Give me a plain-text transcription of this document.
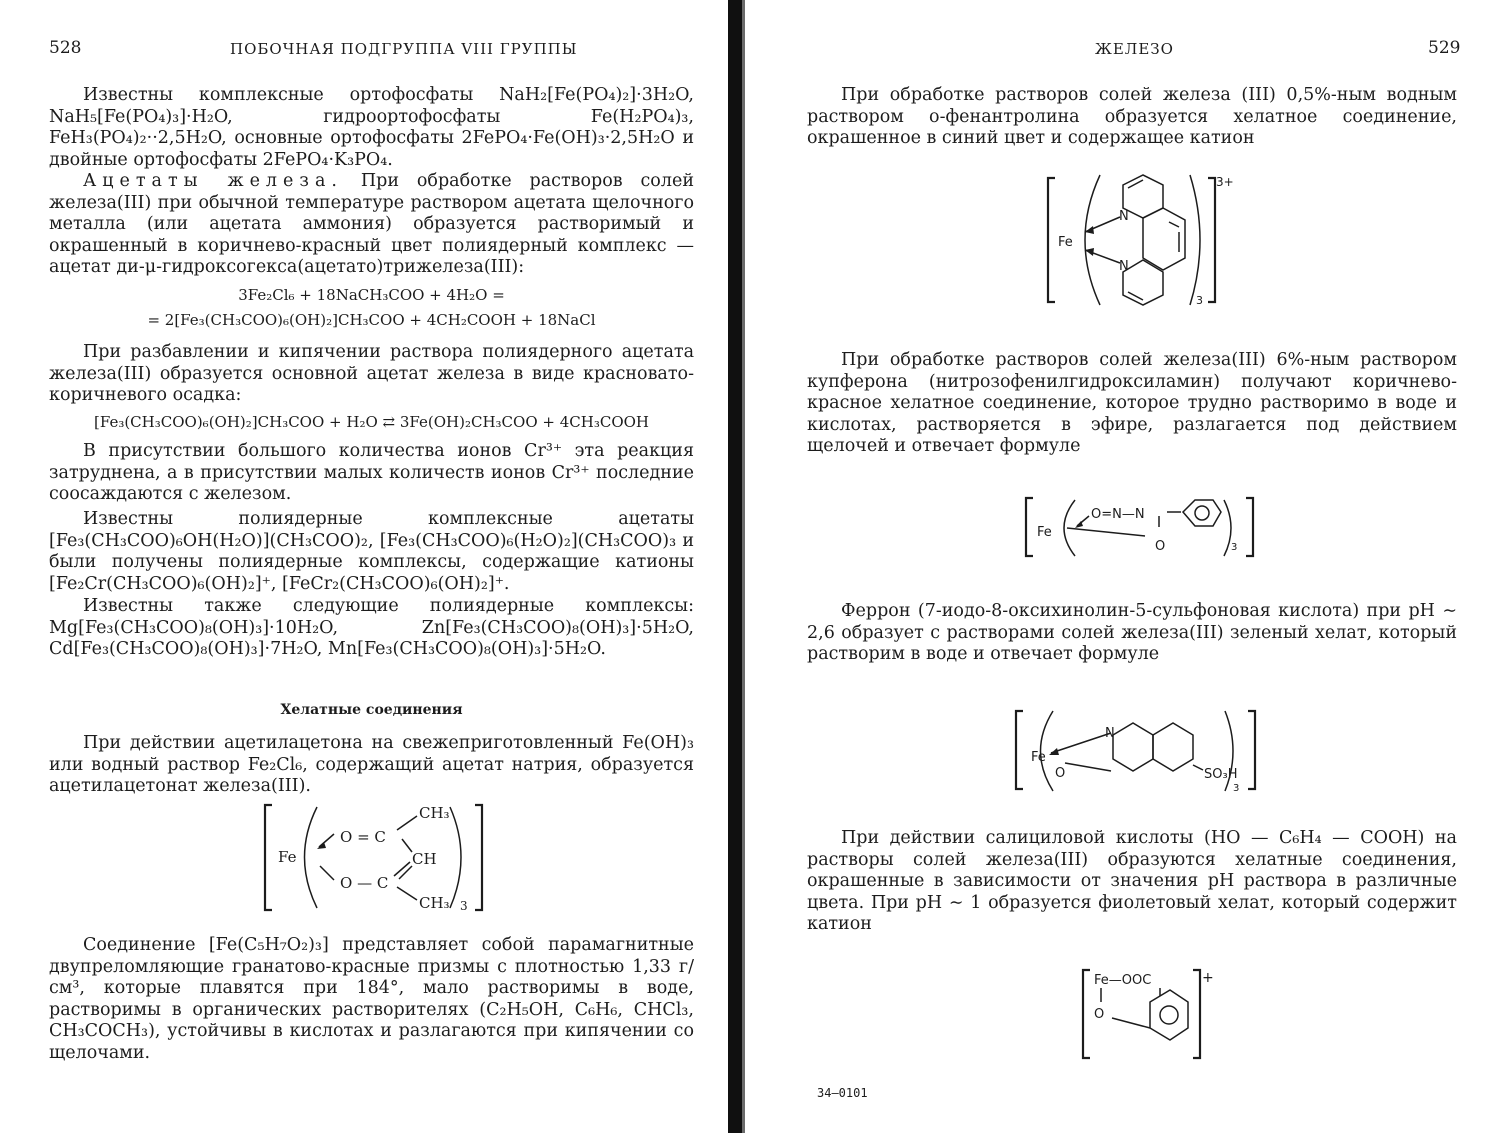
528	ПОБОЧНАЯ ПОДГРУППА VIII ГРУППЫ

Известны комплексные ортофосфаты NaH₂[Fe(PO₄)₂]·3H₂O, NaH₅[Fe(PO₄)₃]·H₂O, гидроортофосфаты Fe(H₂PO₄)₃, FeH₃(PO₄)₂··2,5H₂O, основные ортофосфаты 2FePO₄·Fe(OH)₃·2,5H₂O и двойные ортофосфаты 2FePO₄·K₃PO₄.

Ацетаты железа. При обработке растворов солей железа(III) при обычной температуре раствором ацетата щелочного металла (или ацетата аммония) образуется растворимый и окрашенный в коричнево-красный цвет полиядерный комплекс — ацетат ди-μ-гидроксогекса(ацетато)трижелеза(III):

3Fe₂Cl₆ + 18NaCH₃COO + 4H₂O =
= 2[Fe₃(CH₃COO)₆(OH)₂]CH₃COO + 4CH₂COOH + 18NaCl

При разбавлении и кипячении раствора полиядерного ацетата железа(III) образуется основной ацетат железа в виде красновато-коричневого осадка:

[Fe₃(CH₃COO)₆(OH)₂]CH₃COO + H₂O ⇄ 3Fe(OH)₂CH₃COO + 4CH₃COOH

В присутствии большого количества ионов Cr³⁺ эта реакция затруднена, а в присутствии малых количеств ионов Cr³⁺ последние соосаждаются с железом.

Известны полиядерные комплексные ацетаты [Fe₃(CH₃COO)₆OH(H₂O)](CH₃COO)₂, [Fe₃(CH₃COO)₆(H₂O)₂](CH₃COO)₃ и были получены полиядерные комплексы, содержащие катионы [Fe₂Cr(CH₃COO)₆(OH)₂]⁺, [FeCr₂(CH₃COO)₆(OH)₂]⁺.

Известны также следующие полиядерные комплексы: Mg[Fe₃(CH₃COO)₈(OH)₃]·10H₂O, Zn[Fe₃(CH₃COO)₈(OH)₃]·5H₂O, Cd[Fe₃(CH₃COO)₈(OH)₃]·7H₂O, Mn[Fe₃(CH₃COO)₈(OH)₃]·5H₂O.

Хелатные соединения

При действии ацетилацетона на свежеприготовленный Fe(OH)₃ или водный раствор Fe₂Cl₆, содержащий ацетат натрия, образуется ацетилацетонат железа(III).

Fe
O = C
O — C
CH₃
CH
CH₃ 3

Соединение [Fe(C₅H₇O₂)₃] представляет собой парамагнитные двупреломляющие гранатово-красные призмы с плотностью 1,33 г/см³, которые плавятся при 184°, мало растворимы в воде, растворимы в органических растворителях (C₂H₅OH, C₆H₆, CHCl₃, CH₃COCH₃), устойчивы в кислотах и разлагаются при кипячении со щелочами.

ЖЕЛЕЗО	529

При обработке растворов солей железа (III) 0,5%-ным водным раствором o-фенантролина образуется хелатное соединение, окрашенное в синий цвет и содержащее катион

Fe
N
N
3+
3

При обработке растворов солей железа(III) 6%-ным раствором купферона (нитрозофенилгидроксиламин) получают коричнево-красное хелатное соединение, которое трудно растворимо в воде и кислотах, растворяется в эфире, разлагается под действием щелочей и отвечает формуле

Fe
O=N—N
O	3

Феррон (7-иодо-8-оксихинолин-5-сульфоновая кислота) при pH ∼ 2,6 образует с растворами солей железа(III) зеленый хелат, который растворим в воде и отвечает формуле

Fe
N
O	SO₃H
3

При действии салициловой кислоты (HO — C₆H₄ — COOH) на растворы солей железа(III) образуются хелатные соединения, окрашенные в зависимости от значения pH раствора в различные цвета. При pH ∼ 1 образуется фиолетовый хелат, который содержит катион

Fe—OOC
O
+
34—0101
